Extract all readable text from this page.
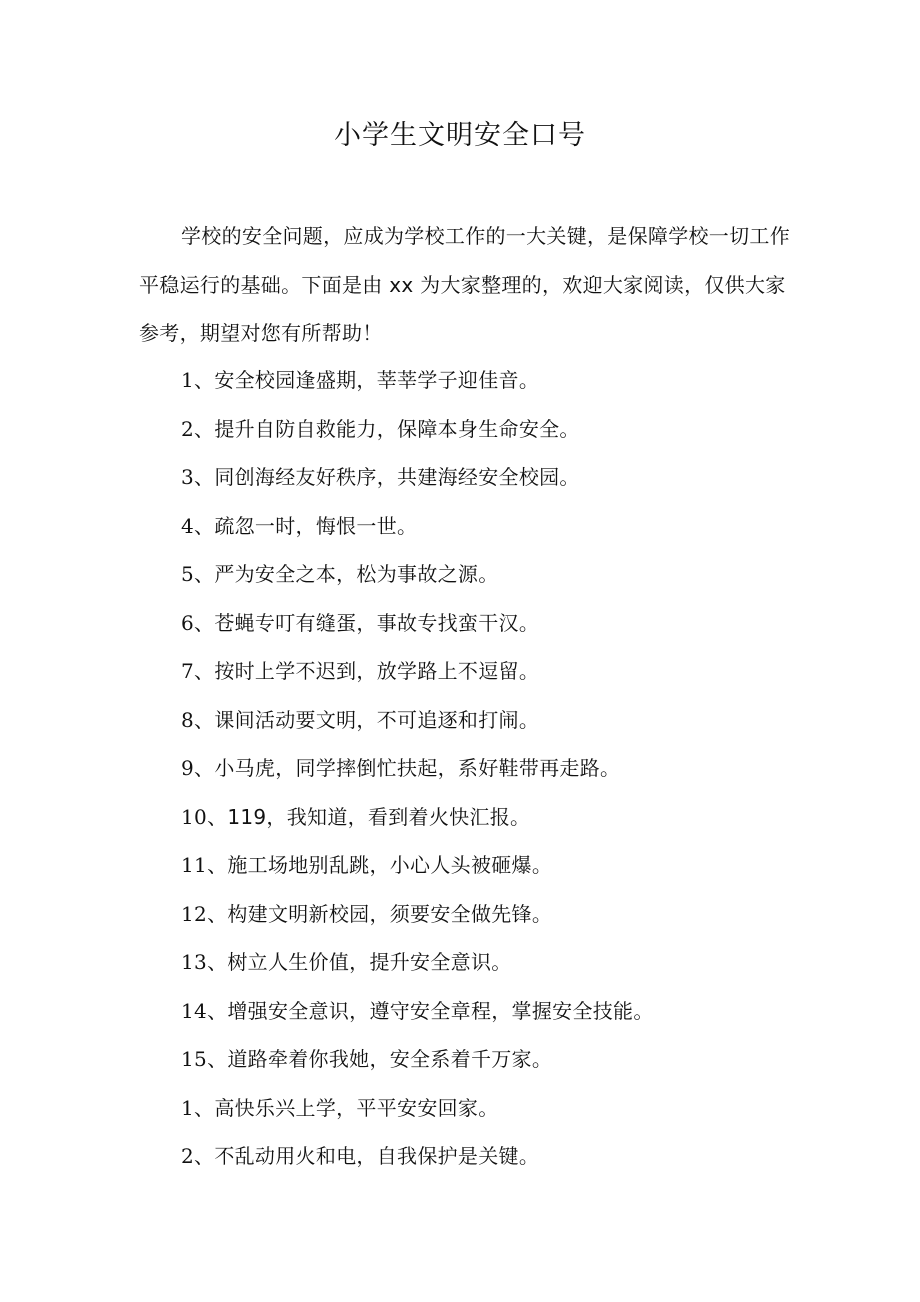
小学生文明安全口号

学校的安全问题，应成为学校工作的一大关键，是保障学校一切工作平稳运行的基础。下面是由 xx 为大家整理的，欢迎大家阅读，仅供大家参考，期望对您有所帮助！

1、安全校园逢盛期，莘莘学子迎佳音。
2、提升自防自救能力，保障本身生命安全。
3、同创海经友好秩序，共建海经安全校园。
4、疏忽一时，悔恨一世。
5、严为安全之本，松为事故之源。
6、苍蝇专叮有缝蛋，事故专找蛮干汉。
7、按时上学不迟到，放学路上不逗留。
8、课间活动要文明，不可追逐和打闹。
9、小马虎，同学摔倒忙扶起，系好鞋带再走路。
10、119，我知道，看到着火快汇报。
11、施工场地别乱跳，小心人头被砸爆。
12、构建文明新校园，须要安全做先锋。
13、树立人生价值，提升安全意识。
14、增强安全意识，遵守安全章程，掌握安全技能。
15、道路牵着你我她，安全系着千万家。
1、高快乐兴上学，平平安安回家。
2、不乱动用火和电，自我保护是关键。
